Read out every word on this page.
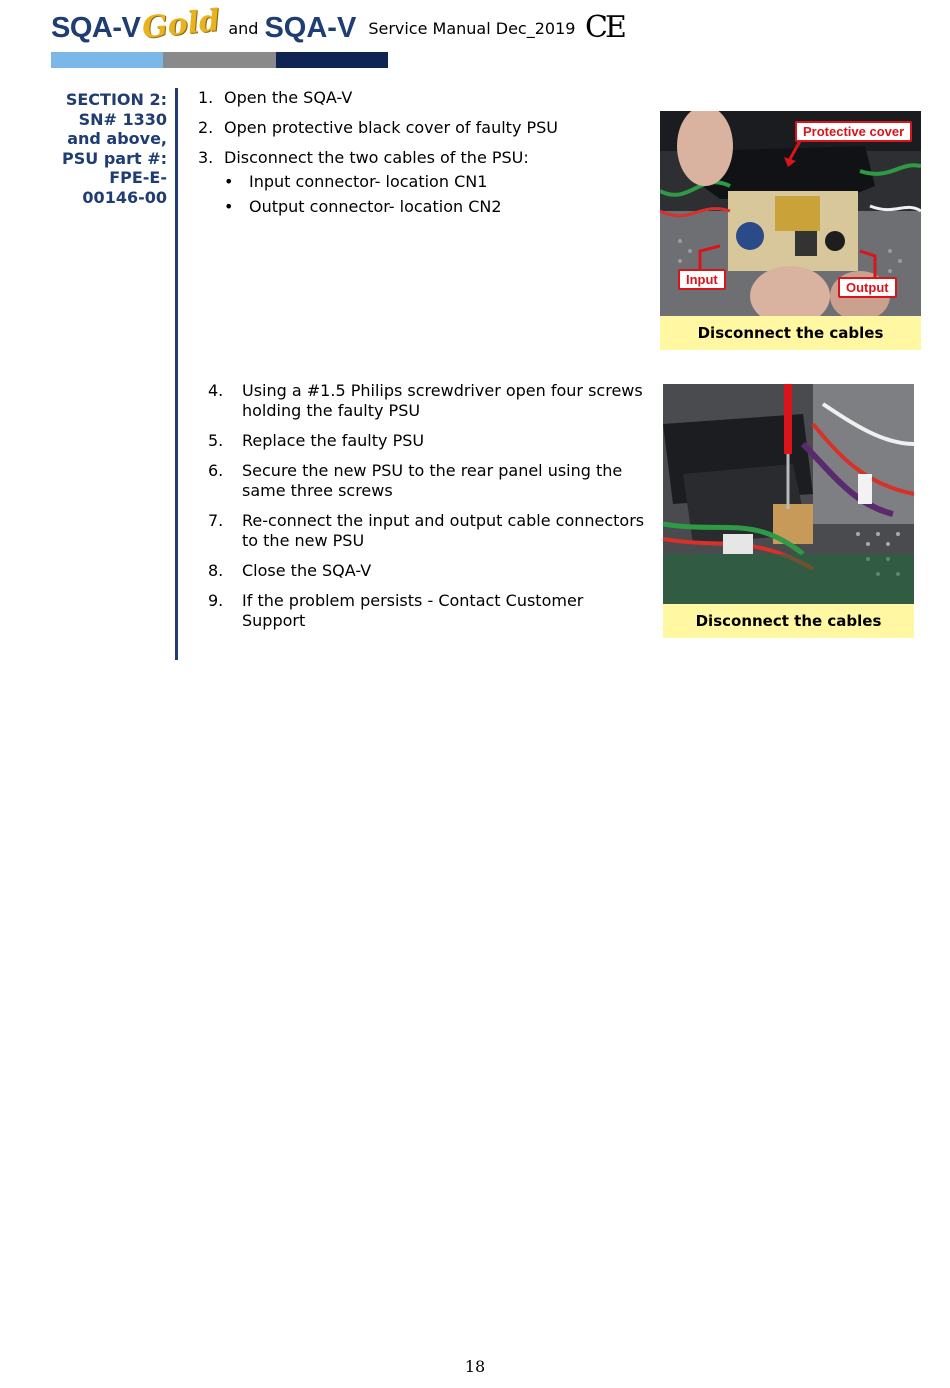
SQA-V Gold and SQA-V Service Manual Dec_2019 CE
SECTION 2:
SN# 1330
and above,
PSU part #:
FPE-E-
00146-00
1. Open the SQA-V
2. Open protective black cover of faulty PSU
3. Disconnect the two cables of the PSU:
• Input connector- location CN1
• Output connector- location CN2
Protective cover
Input
Output
Disconnect the cables
4.	Using a #1.5 Philips screwdriver open four screws holding the faulty PSU
5.	Replace the faulty PSU
6.	Secure the new PSU to the rear panel using the same three screws
7.	Re-connect the input and output cable connectors to the new PSU
8.	Close the SQA-V
9.	If the problem persists - Contact Customer Support	Disconnect the cables
18
